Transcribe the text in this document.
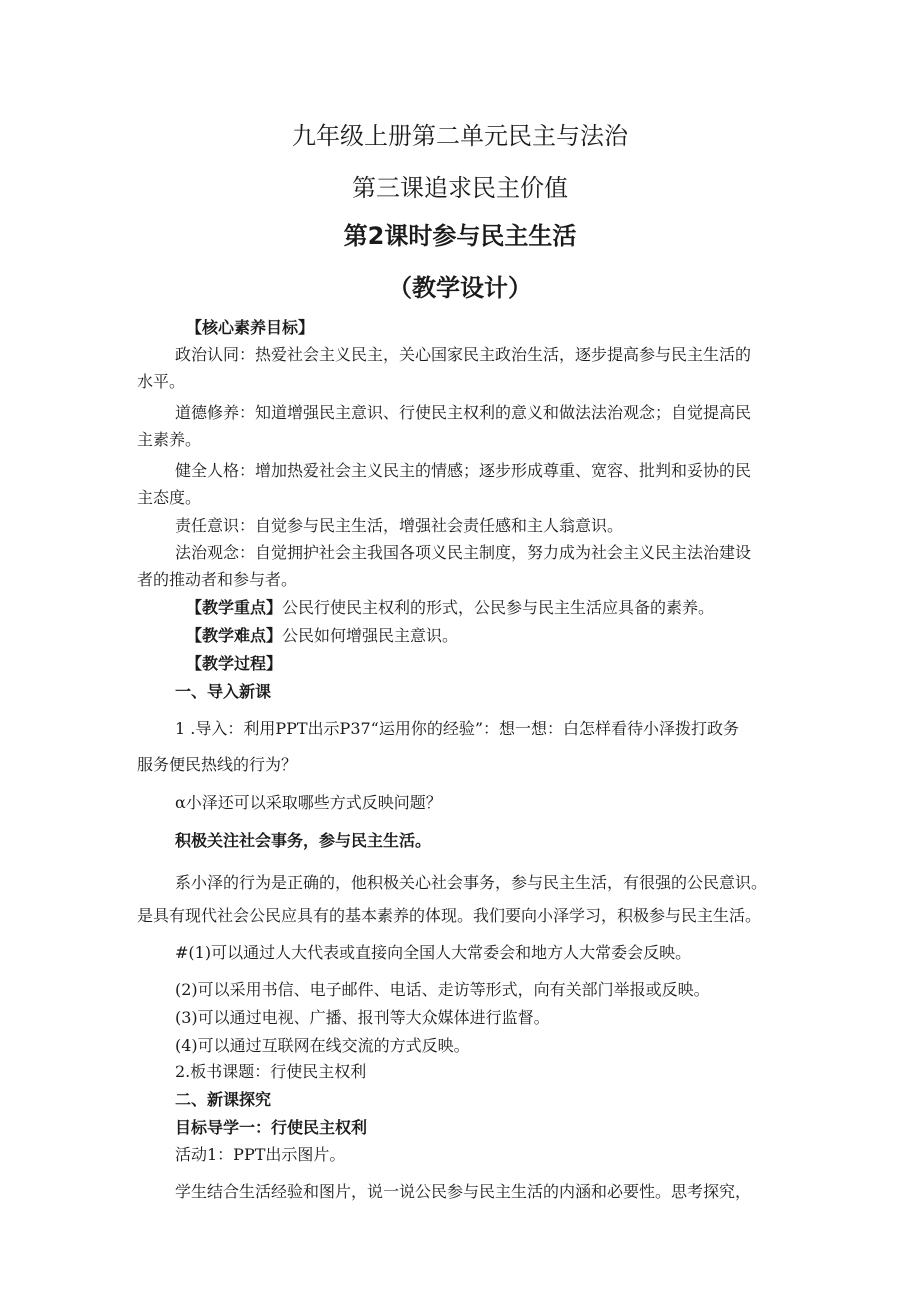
九年级上册第二单元民主与法治
第三课追求民主价值
第2课时参与民主生活
（教学设计）
【核心素养目标】
政治认同：热爱社会主义民主，关心国家民主政治生活，逐步提高参与民主生活的
水平。
道德修养：知道增强民主意识、行使民主权利的意义和做法法治观念；自觉提高民
主素养。
健全人格：增加热爱社会主义民主的情感；逐步形成尊重、宽容、批判和妥协的民
主态度。
责任意识：自觉参与民主生活，增强社会责任感和主人翁意识。
法治观念：自觉拥护社会主我国各项义民主制度，努力成为社会主义民主法治建设
者的推动者和参与者。
【教学重点】公民行使民主权利的形式，公民参与民主生活应具备的素养。
【教学难点】公民如何增强民主意识。
【教学过程】
一、导入新课
1 .导入：利用PPT出示P37“运用你的经验”：想一想：白怎样看待小泽拨打政务
服务便民热线的行为？
α小泽还可以采取哪些方式反映问题？
积极关注社会事务，参与民主生活。
系小泽的行为是正确的，他积极关心社会事务，参与民主生活，有很强的公民意识。
是具有现代社会公民应具有的基本素养的体现。我们要向小泽学习，积极参与民主生活。
#(1)可以通过人大代表或直接向全国人大常委会和地方人大常委会反映。
(2)可以采用书信、电子邮件、电话、走访等形式，向有关部门举报或反映。
(3)可以通过电视、广播、报刊等大众媒体进行监督。
(4)可以通过互联网在线交流的方式反映。
2.板书课题：行使民主权利
二、新课探究
目标导学一：行使民主权利
活动1：PPT出示图片。
学生结合生活经验和图片，说一说公民参与民主生活的内涵和必要性。思考探究，
